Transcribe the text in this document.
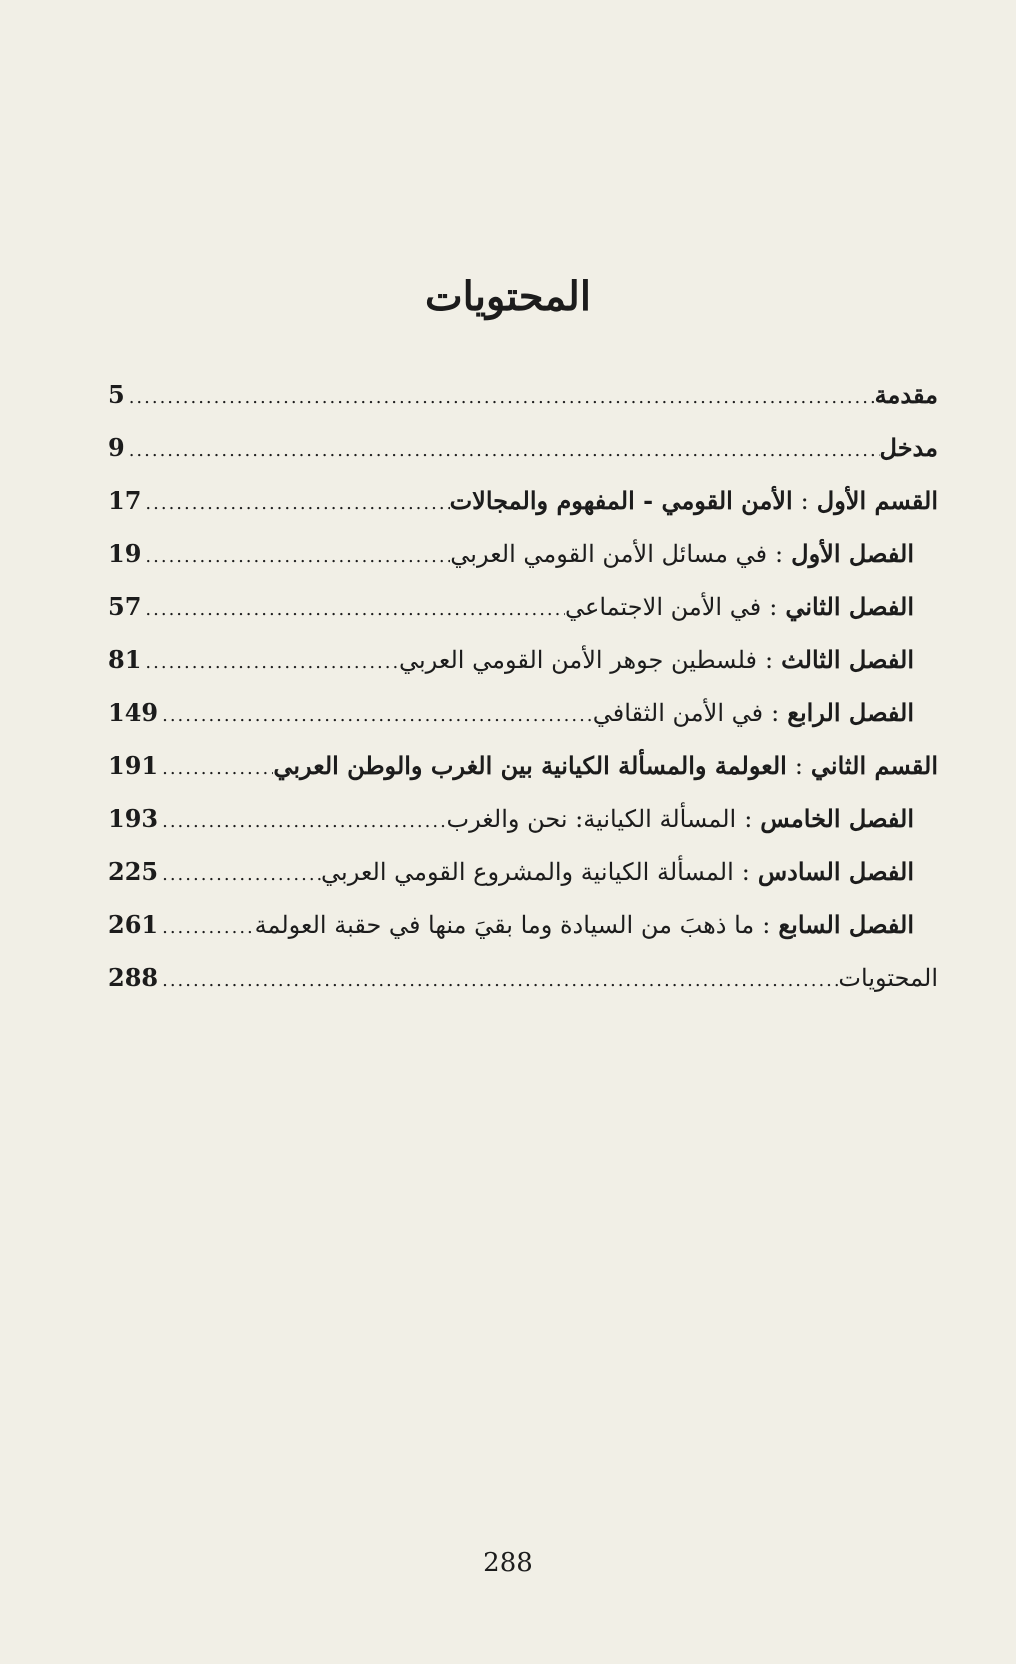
المحتويات
مقدمة
.....
5
مدخل
.....
9
القسم الأول:الأمن القومي - المفهوم والمجالات
.....
17
الفصل الأول:في مسائل الأمن القومي العربي
.....
19
الفصل الثاني:في الأمن الاجتماعي
.....
57
الفصل الثالث:فلسطين جوهر الأمن القومي العربي
.....
81
الفصل الرابع:في الأمن الثقافي
.....
149
القسم الثاني:العولمة والمسألة الكيانية بين الغرب والوطن العربي
.....
191
الفصل الخامس:المسألة الكيانية: نحن والغرب
.....
193
الفصل السادس:المسألة الكيانية والمشروع القومي العربي
.....
225
الفصل السابع:ما ذهبَ من السيادة وما بقيَ منها في حقبة العولمة
.....
261
المحتويات
.....
288
288
